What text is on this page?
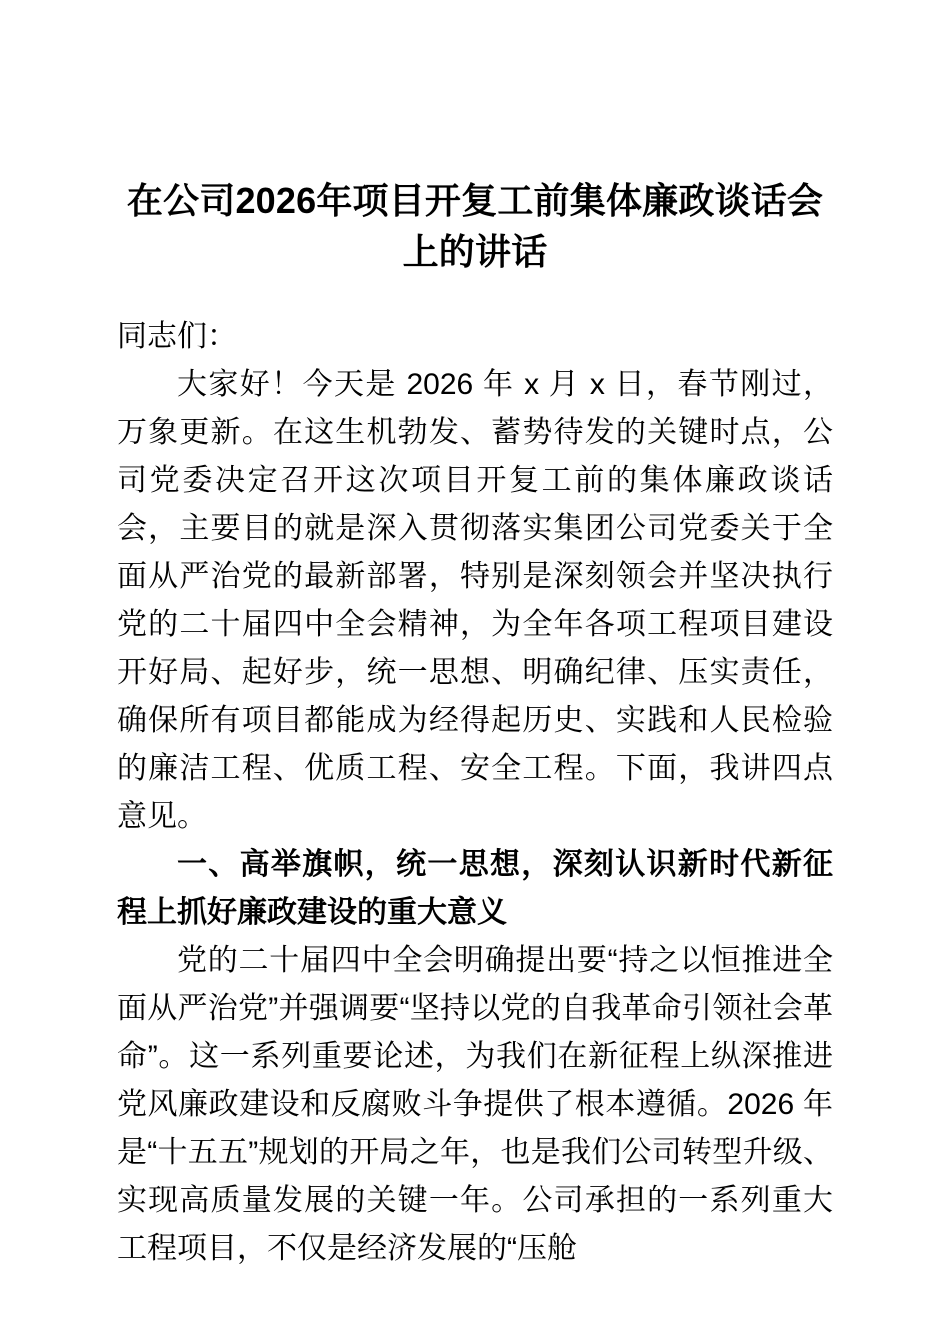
在公司2026年项目开复工前集体廉政谈话会上的讲话

同志们：

大家好！今天是 2026 年 x 月 x 日，春节刚过，万象更新。在这生机勃发、蓄势待发的关键时点，公司党委决定召开这次项目开复工前的集体廉政谈话会，主要目的就是深入贯彻落实集团公司党委关于全面从严治党的最新部署，特别是深刻领会并坚决执行党的二十届四中全会精神，为全年各项工程项目建设开好局、起好步，统一思想、明确纪律、压实责任，确保所有项目都能成为经得起历史、实践和人民检验的廉洁工程、优质工程、安全工程。下面，我讲四点意见。

一、高举旗帜，统一思想，深刻认识新时代新征程上抓好廉政建设的重大意义

党的二十届四中全会明确提出要“持之以恒推进全面从严治党”并强调要“坚持以党的自我革命引领社会革命”。这一系列重要论述，为我们在新征程上纵深推进党风廉政建设和反腐败斗争提供了根本遵循。2026 年是“十五五”规划的开局之年，也是我们公司转型升级、实现高质量发展的关键一年。公司承担的一系列重大工程项目，不仅是经济发展的“压舱
